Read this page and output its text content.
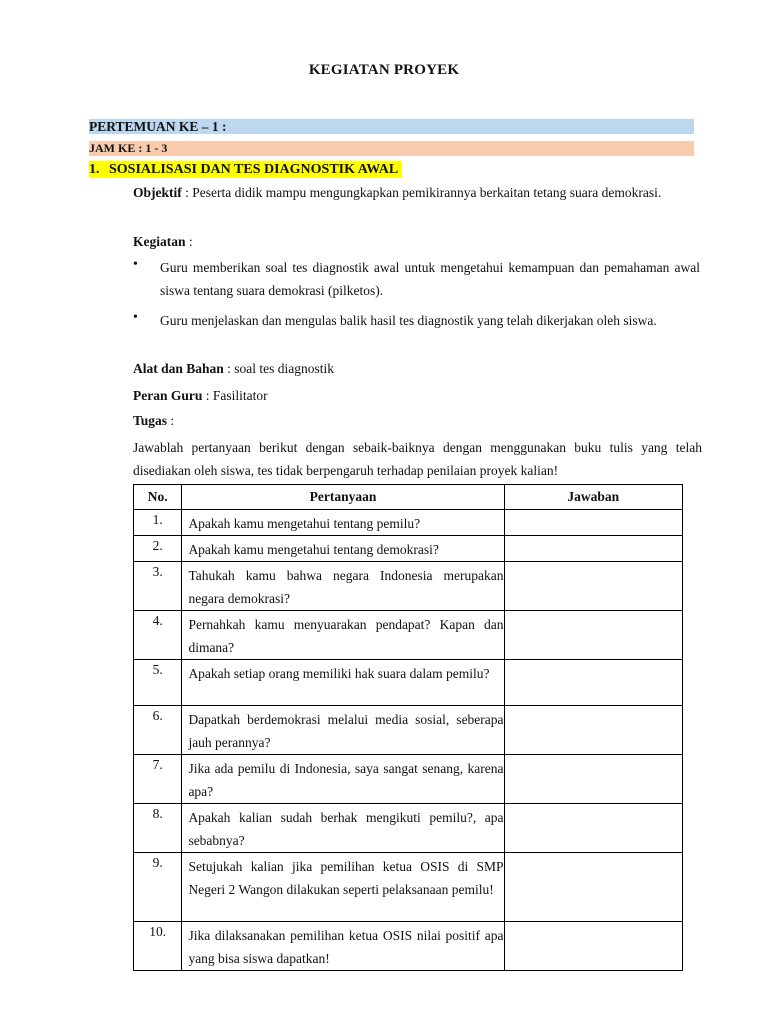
KEGIATAN PROYEK
PERTEMUAN KE – 1 :
JAM KE : 1 - 3
1. SOSIALISASI DAN TES DIAGNOSTIK AWAL
Objektif : Peserta didik mampu mengungkapkan pemikirannya berkaitan tetang suara demokrasi.
Kegiatan :
•	Guru memberikan soal tes diagnostik awal untuk mengetahui kemampuan dan pemahaman awal siswa tentang suara demokrasi (pilketos).
•	Guru menjelaskan dan mengulas balik hasil tes diagnostik yang telah dikerjakan oleh siswa.
Alat dan Bahan : soal tes diagnostik
Peran Guru : Fasilitator
Tugas :
Jawablah pertanyaan berikut dengan sebaik-baiknya dengan menggunakan buku tulis yang telah disediakan oleh siswa, tes tidak berpengaruh terhadap penilaian proyek kalian!
No.	Pertanyaan	Jawaban
1.	Apakah kamu mengetahui tentang pemilu?	
2.	Apakah kamu mengetahui tentang demokrasi?	
3.	Tahukah kamu bahwa negara Indonesia merupakan negara demokrasi?	
4.	Pernahkah kamu menyuarakan pendapat? Kapan dan dimana?	
5.	Apakah setiap orang memiliki hak suara dalam pemilu?	
6.	Dapatkah berdemokrasi melalui media sosial, seberapa jauh perannya?	
7.	Jika ada pemilu di Indonesia, saya sangat senang, karena apa?	
8.	Apakah kalian sudah berhak mengikuti pemilu?, apa sebabnya?	
9.	Setujukah kalian jika pemilihan ketua OSIS di SMP Negeri 2 Wangon dilakukan seperti pelaksanaan pemilu!	
10.	Jika dilaksanakan pemilihan ketua OSIS nilai positif apa yang bisa siswa dapatkan!	
